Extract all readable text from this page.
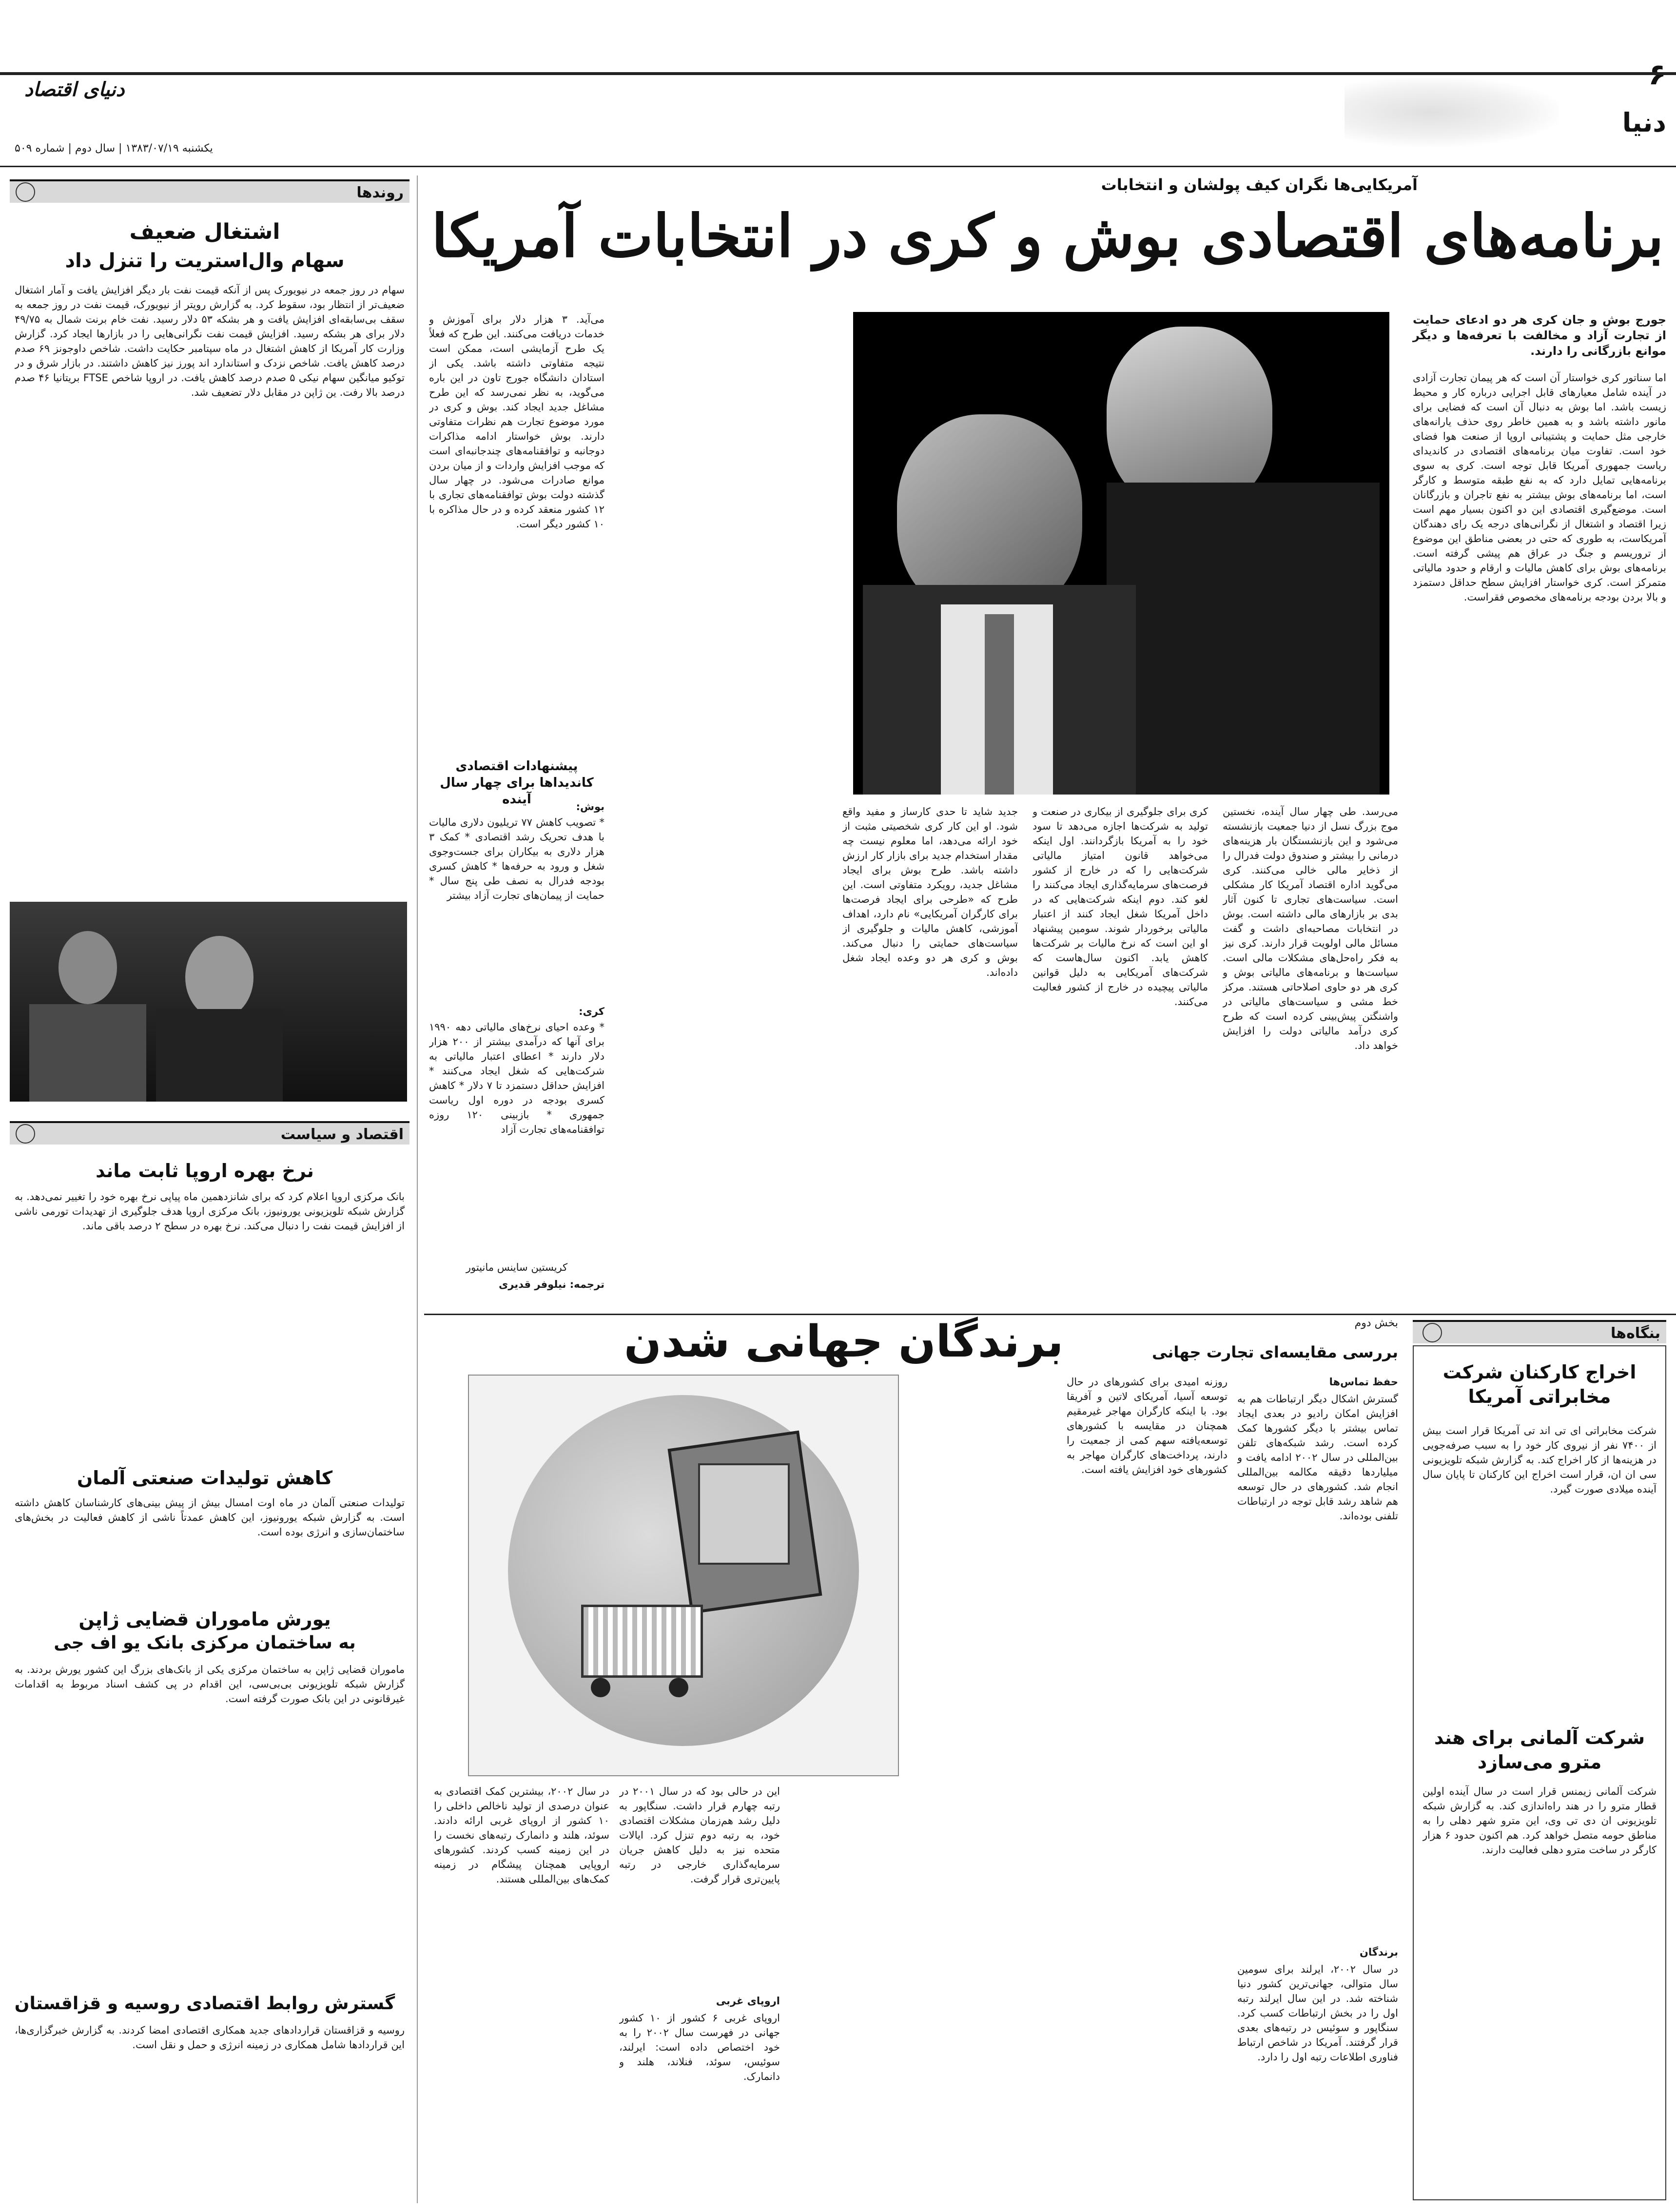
دنیای اقتصاد
دنیا
یکشنبه ۱۳۸۳/۰۷/۱۹ | سال دوم | شماره ۵۰۹
روندها
اشتغال ضعیف
سهام وال‌استریت را تنزل داد
سهام در روز جمعه در نیویورک پس از آنکه قیمت نفت بار دیگر افزایش یافت و آمار اشتغال ضعیف‌تر از انتظار بود، سقوط کرد. به گزارش رویتر از نیویورک، قیمت نفت در روز جمعه به سقف بی‌سابقه‌ای افزایش یافت و هر بشکه ۵۳ دلار رسید. نفت خام برنت شمال به ۴۹/۷۵ دلار برای هر بشکه رسید. افزایش قیمت نفت نگرانی‌هایی را در بازارها ایجاد کرد. گزارش وزارت کار آمریکا از کاهش اشتغال در ماه سپتامبر حکایت داشت. شاخص داوجونز ۶۹ صدم درصد کاهش یافت. شاخص نزدک و استاندارد اند پورز نیز کاهش داشتند. در بازار شرق و در توکیو میانگین سهام نیکی ۵ صدم درصد کاهش یافت. در اروپا شاخص FTSE بریتانیا ۴۶ صدم درصد بالا رفت. ین ژاپن در مقابل دلار تضعیف شد.
اقتصاد و سیاست
نرخ بهره اروپا ثابت ماند
بانک مرکزی اروپا اعلام کرد که برای شانزدهمین ماه پیاپی نرخ بهره خود را تغییر نمی‌دهد. به گزارش شبکه تلویزیونی یورونیوز، بانک مرکزی اروپا هدف جلوگیری از تهدیدات تورمی ناشی از افزایش قیمت نفت را دنبال می‌کند. نرخ بهره در سطح ۲ درصد باقی ماند.
کاهش تولیدات صنعتی آلمان
تولیدات صنعتی آلمان در ماه اوت امسال بیش از پیش بینی‌های کارشناسان کاهش داشته است. به گزارش شبکه یورونیوز، این کاهش عمدتاً ناشی از کاهش فعالیت در بخش‌های ساختمان‌سازی و انرژی بوده است.
یورش ماموران قضایی ژاپن
به ساختمان مرکزی بانک یو اف جی
ماموران قضایی ژاپن به ساختمان مرکزی یکی از بانک‌های بزرگ این کشور یورش بردند. به گزارش شبکه تلویزیونی بی‌بی‌سی، این اقدام در پی کشف اسناد مربوط به اقدامات غیرقانونی در این بانک صورت گرفته است.
گسترش روابط اقتصادی روسیه و قزاقستان
روسیه و قزاقستان قراردادهای جدید همکاری اقتصادی امضا کردند. به گزارش خبرگزاری‌ها، این قراردادها شامل همکاری در زمینه انرژی و حمل و نقل است.
آمریکایی‌ها نگران کیف پولشان و انتخابات
برنامه‌های اقتصادی بوش و کری در انتخابات آمریکا
جورج بوش و جان کری هر دو ادعای حمایت از تجارت آزاد و مخالفت با تعرفه‌ها و دیگر موانع بازرگانی را دارند.
اما سناتور کری خواستار آن است که هر پیمان تجارت آزادی در آینده شامل معیارهای قابل اجرایی درباره کار و محیط زیست باشد. اما بوش به دنبال آن است که فضایی برای مانور داشته باشد و به همین خاطر روی حذف یارانه‌های خارجی مثل حمایت و پشتیبانی اروپا از صنعت هوا فضای خود است. تفاوت میان برنامه‌های اقتصادی در کاندیدای ریاست جمهوری آمریکا قابل توجه است. کری به سوی برنامه‌هایی تمایل دارد که به نفع طبقه متوسط و کارگر است، اما برنامه‌های بوش بیشتر به نفع تاجران و بازرگانان است. موضع‌گیری اقتصادی این دو اکنون بسیار مهم است زیرا اقتصاد و اشتغال از نگرانی‌های درجه یک رای دهندگان آمریکاست، به طوری که حتی در بعضی مناطق این موضوع از تروریسم و جنگ در عراق هم پیشی گرفته است. برنامه‌های بوش برای کاهش مالیات و ارقام و حدود مالیاتی متمرکز است. کری خواستار افزایش سطح حداقل دستمزد و بالا بردن بودجه برنامه‌های مخصوص فقراست.
می‌رسد. طی چهار سال آینده، نخستین موج بزرگ نسل از دنیا جمعیت بازنشسته می‌شود و این بازنشستگان بار هزینه‌های درمانی را بیشتر و صندوق دولت فدرال را از ذخایر مالی خالی می‌کنند. کری می‌گوید اداره اقتصاد آمریکا کار مشکلی است. سیاست‌های تجاری تا کنون آثار بدی بر بازارهای مالی داشته است. بوش در انتخابات مصاحبه‌ای داشت و گفت مسائل مالی اولویت قرار دارند. کری نیز به فکر راه‌حل‌های مشکلات مالی است. سیاست‌ها و برنامه‌های مالیاتی بوش و کری هر دو حاوی اصلاحاتی هستند. مرکز خط مشی و سیاست‌های مالیاتی در واشنگتن پیش‌بینی کرده است که طرح کری درآمد مالیاتی دولت را افزایش خواهد داد.
کری برای جلوگیری از بیکاری در صنعت و تولید به شرکت‌ها اجازه می‌دهد تا سود خود را به آمریکا بازگردانند. اول اینکه می‌خواهد قانون امتیاز مالیاتی شرکت‌هایی را که در خارج از کشور فرصت‌های سرمایه‌گذاری ایجاد می‌کنند را لغو کند. دوم اینکه شرکت‌هایی که در داخل آمریکا شغل ایجاد کنند از اعتبار مالیاتی برخوردار شوند. سومین پیشنهاد او این است که نرخ مالیات بر شرکت‌ها کاهش یابد. اکنون سال‌هاست که شرکت‌های آمریکایی به دلیل قوانین مالیاتی پیچیده در خارج از کشور فعالیت می‌کنند.
جدید شاید تا حدی کارساز و مفید واقع شود. او این کار کری شخصیتی مثبت از خود ارائه می‌دهد، اما معلوم نیست چه مقدار استخدام جدید برای بازار کار ارزش داشته باشد. طرح بوش برای ایجاد مشاغل جدید، رویکرد متفاوتی است. این طرح که «طرحی برای ایجاد فرصت‌ها برای کارگران آمریکایی» نام دارد، اهداف آموزشی، کاهش مالیات و جلوگیری از سیاست‌های حمایتی را دنبال می‌کند. بوش و کری هر دو وعده ایجاد شغل داده‌اند.
می‌آید. ۳ هزار دلار برای آموزش و خدمات دریافت می‌کنند. این طرح که فعلاً یک طرح آزمایشی است، ممکن است نتیجه متفاوتی داشته باشد. یکی از استادان دانشگاه جورج تاون در این باره می‌گوید، به نظر نمی‌رسد که این طرح مشاغل جدید ایجاد کند. بوش و کری در مورد موضوع تجارت هم نظرات متفاوتی دارند. بوش خواستار ادامه مذاکرات دوجانبه و توافقنامه‌های چندجانبه‌ای است که موجب افزایش واردات و از میان بردن موانع صادرات می‌شود. در چهار سال گذشته دولت بوش توافقنامه‌های تجاری با ۱۲ کشور منعقد کرده و در حال مذاکره با ۱۰ کشور دیگر است.
پیشنهادات اقتصادی کاندیداها برای چهار سال آینده	بوش:
* تصویب کاهش ۷۷ تریلیون دلاری مالیات با هدف تحریک رشد اقتصادی * کمک ۳ هزار دلاری به بیکاران برای جست‌وجوی شغل و ورود به حرفه‌ها * کاهش کسری بودجه فدرال به نصف طی پنج سال * حمایت از پیمان‌های تجارت آزاد بیشتر
کری:
* وعده احیای نرخ‌های مالیاتی دهه ۱۹۹۰ برای آنها که درآمدی بیشتر از ۲۰۰ هزار دلار دارند * اعطای اعتبار مالیاتی به شرکت‌هایی که شغل ایجاد می‌کنند * افزایش حداقل دستمزد تا ۷ دلار * کاهش کسری بودجه در دوره اول ریاست جمهوری * بازبینی ۱۲۰ روزه توافقنامه‌های تجارت آزاد
کریستین ساینس مانیتور
ترجمه: نیلوفر قدیری
بنگاه‌ها
اخراج کارکنان شرکت مخابراتی آمریکا
شرکت مخابراتی ای تی اند تی آمریکا قرار است بیش از ۷۴۰۰ نفر از نیروی کار خود را به سبب صرفه‌جویی در هزینه‌ها از کار اخراج کند. به گزارش شبکه تلویزیونی سی ان ان، قرار است اخراج این کارکنان تا پایان سال آینده میلادی صورت گیرد.
شرکت آلمانی برای هند مترو می‌سازد
شرکت آلمانی زیمنس قرار است در سال آینده اولین قطار مترو را در هند راه‌اندازی کند. به گزارش شبکه تلویزیونی ان دی تی وی، این مترو شهر دهلی را به مناطق حومه متصل خواهد کرد. هم اکنون حدود ۶ هزار کارگر در ساخت مترو دهلی فعالیت دارند.
بخش دوم
بررسی مقایسه‌ای تجارت جهانی
برندگان جهانی شدن
حفظ تماس‌ها
گسترش اشکال دیگر ارتباطات هم به افزایش امکان رادیو در بعدی ایجاد تماس بیشتر با دیگر کشورها کمک کرده است. رشد شبکه‌های تلفن بین‌المللی در سال ۲۰۰۲ ادامه یافت و میلیاردها دقیقه مکالمه بین‌المللی انجام شد. کشورهای در حال توسعه هم شاهد رشد قابل توجه در ارتباطات تلفنی بوده‌اند.
برندگان
در سال ۲۰۰۲، ایرلند برای سومین سال متوالی، جهانی‌ترین کشور دنیا شناخته شد. در این سال ایرلند رتبه اول را در بخش ارتباطات کسب کرد. سنگاپور و سوئیس در رتبه‌های بعدی قرار گرفتند. آمریکا در شاخص ارتباط فناوری اطلاعات رتبه اول را دارد.
روزنه امیدی برای کشورهای در حال توسعه آسیا، آمریکای لاتین و آفریقا بود. با اینکه کارگران مهاجر غیرمقیم همچنان در مقایسه با کشورهای توسعه‌یافته سهم کمی از جمعیت را دارند، پرداخت‌های کارگران مهاجر به کشورهای خود افزایش یافته است.
این در حالی بود که در سال ۲۰۰۱ در رتبه چهارم قرار داشت. سنگاپور به دلیل رشد هم‌زمان مشکلات اقتصادی خود، به رتبه دوم تنزل کرد. ایالات متحده نیز به دلیل کاهش جریان سرمایه‌گذاری خارجی در رتبه پایین‌تری قرار گرفت.
اروپای غربی
اروپای غربی ۶ کشور از ۱۰ کشور جهانی در فهرست سال ۲۰۰۲ را به خود اختصاص داده است: ایرلند، سوئیس، سوئد، فنلاند، هلند و دانمارک.
در سال ۲۰۰۲، بیشترین کمک اقتصادی به عنوان درصدی از تولید ناخالص داخلی را ۱۰ کشور از اروپای غربی ارائه دادند. سوئد، هلند و دانمارک رتبه‌های نخست را در این زمینه کسب کردند. کشورهای اروپایی همچنان پیشگام در زمینه کمک‌های بین‌المللی هستند.
